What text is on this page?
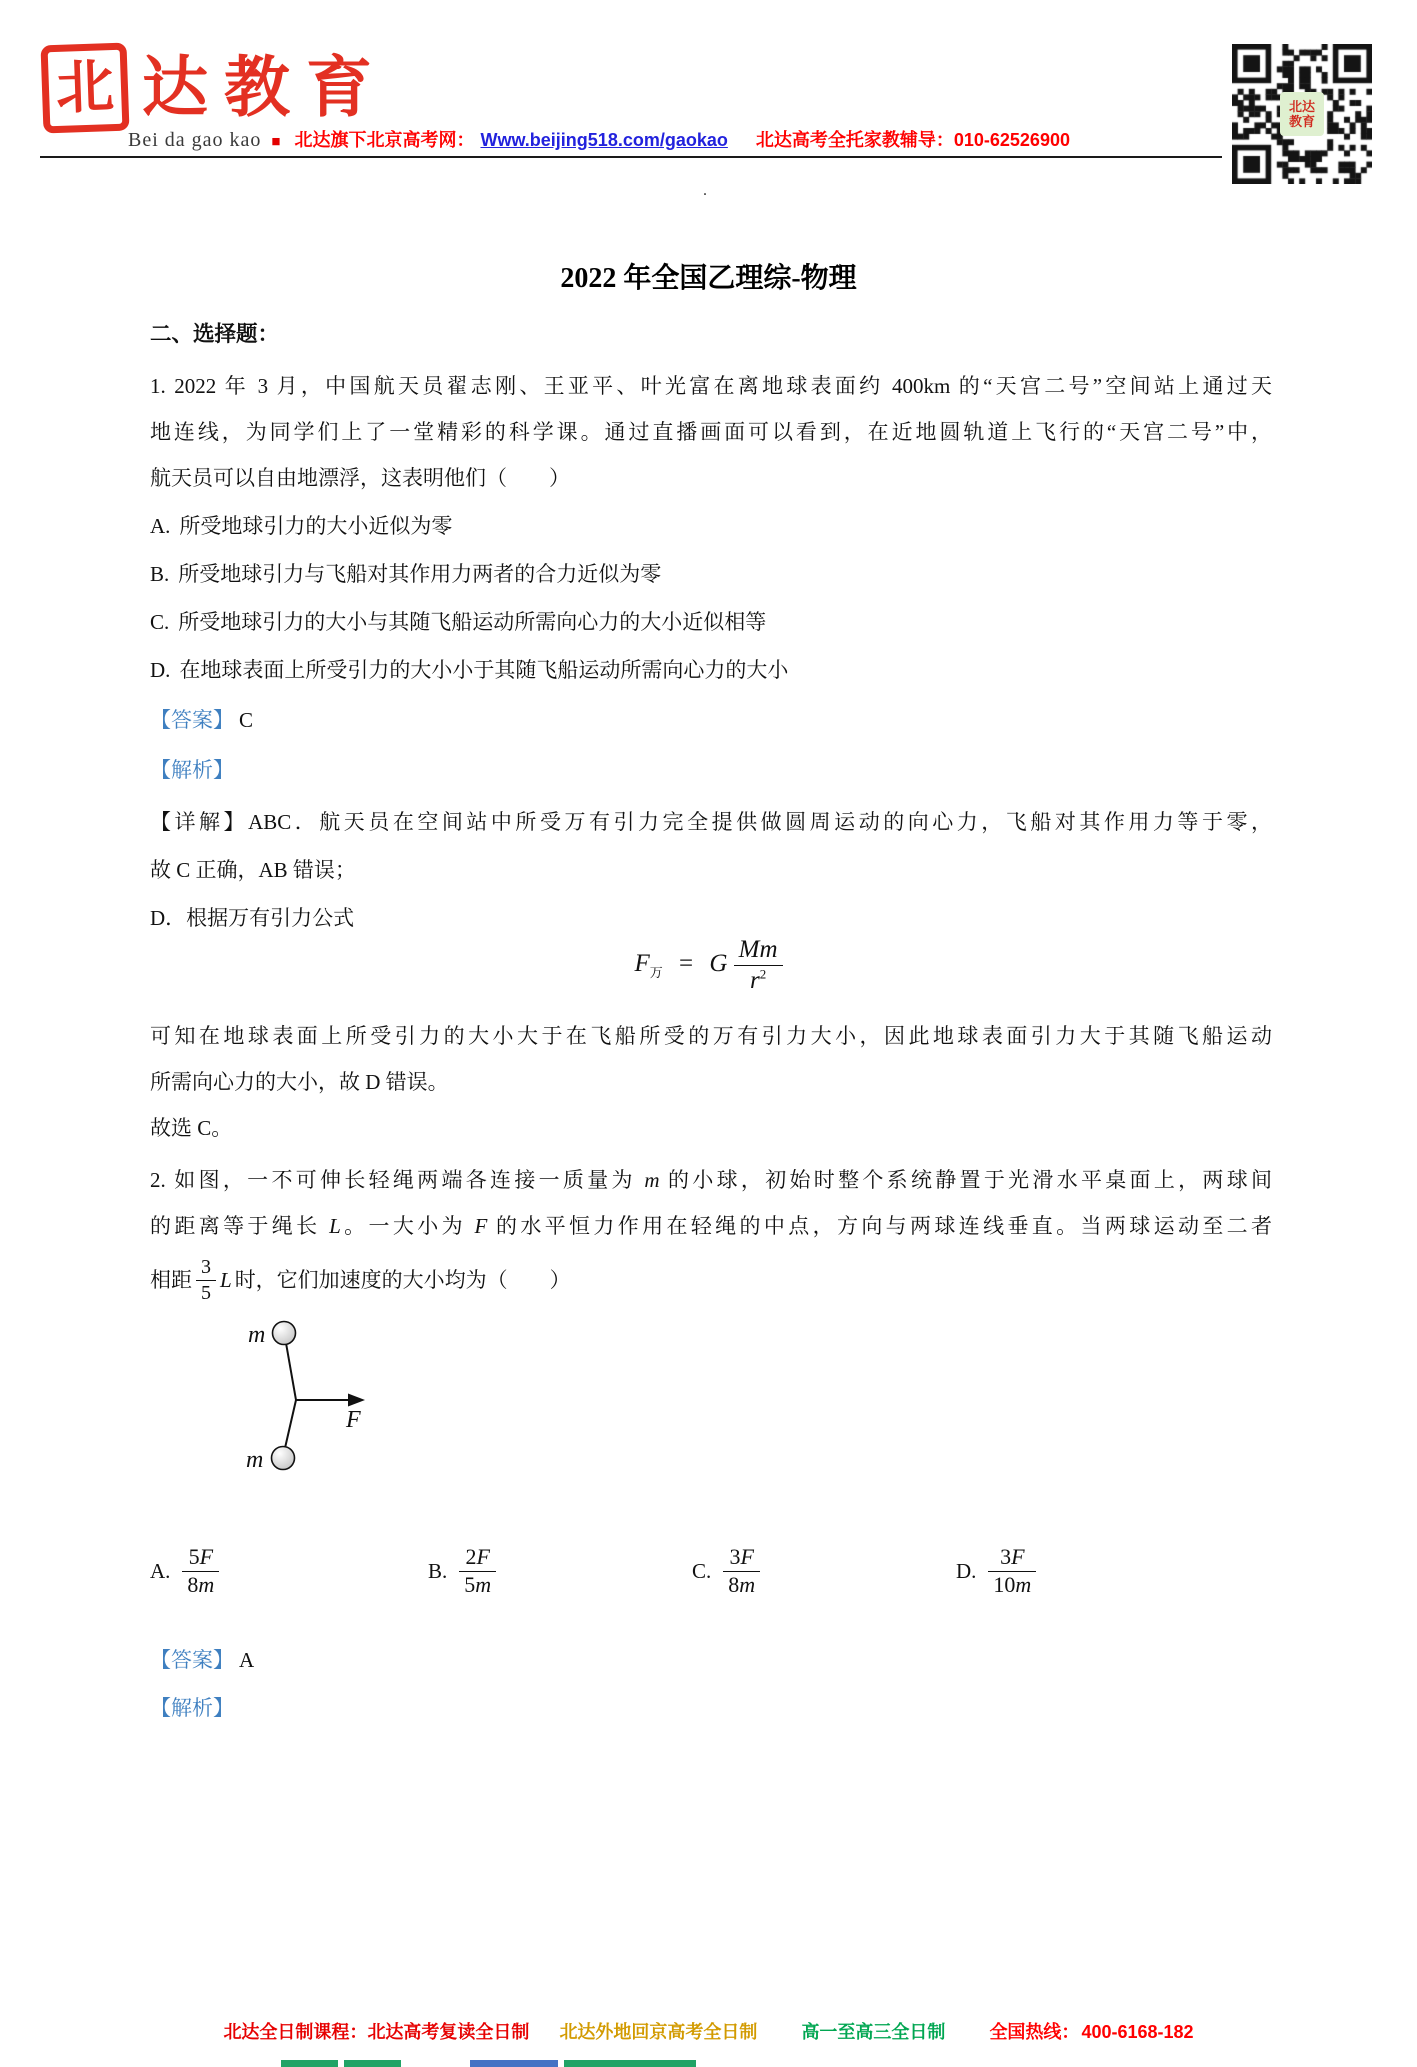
北 达教育
Bei da gao kao ■ 北达旗下北京高考网： Www.beijing518.com/gaokao 北达高考全托家教辅导： 010-62526900
北达
教育
.
2022 年全国乙理综-物理
二、选择题：
1. 2022 年 3 月，中国航天员翟志刚、王亚平、叶光富在离地球表面约 400km 的“天宫二号”空间站上通过天
地连线，为同学们上了一堂精彩的科学课。通过直播画面可以看到，在近地圆轨道上飞行的“天宫二号”中，
航天员可以自由地漂浮，这表明他们（　　）
A. 所受地球引力的大小近似为零
B. 所受地球引力与飞船对其作用力两者的合力近似为零
C. 所受地球引力的大小与其随飞船运动所需向心力的大小近似相等
D. 在地球表面上所受引力的大小小于其随飞船运动所需向心力的大小
【答案】 C
【解析】
【详解】ABC．航天员在空间站中所受万有引力完全提供做圆周运动的向心力，飞船对其作用力等于零，
故 C 正确，AB 错误；
D．根据万有引力公式
$F_万 = G \frac{Mm}{r^2}$
可知在地球表面上所受引力的大小大于在飞船所受的万有引力大小，因此地球表面引力大于其随飞船运动
所需向心力的大小，故 D 错误。
故选 C。
2. 如图，一不可伸长轻绳两端各连接一质量为 m 的小球，初始时整个系统静置于光滑水平桌面上，两球间
的距离等于绳长 L。一大小为 F 的水平恒力作用在轻绳的中点，方向与两球连线垂直。当两球运动至二者
相距 $\frac{3}{5}$ L 时，它们加速度的大小均为（　　）
m
m
F
A. $\frac{5F}{8m}$	B. $\frac{2F}{5m}$	C. $\frac{3F}{8m}$	D. $\frac{3F}{10m}$
【答案】 A
【解析】
北达全日制课程：北达高考复读全日制 北达外地回京高考全日制 高一至高三全日制 全国热线： 400-6168-182
